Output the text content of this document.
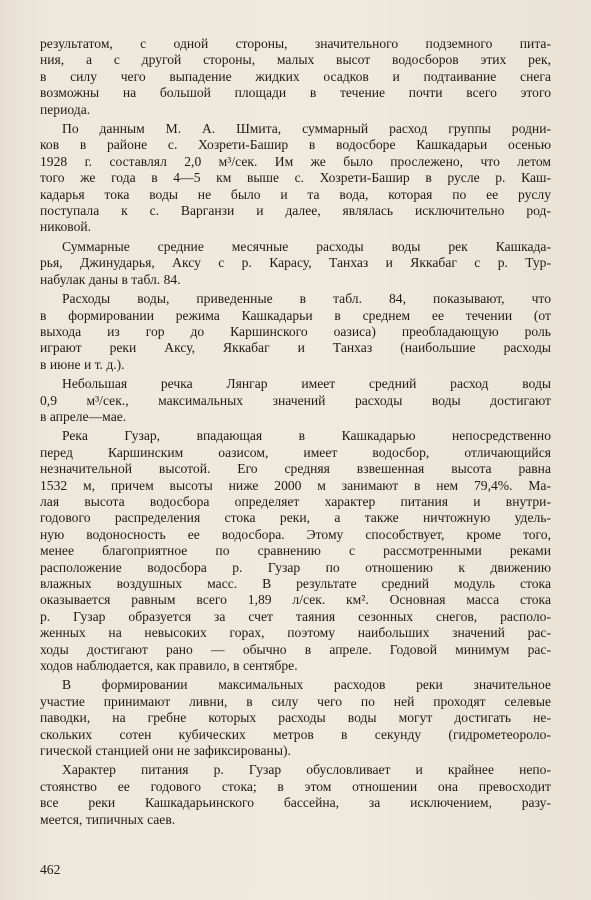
результатом, с одной стороны, значительного подземного пита-
ния, а с другой стороны, малых высот водосборов этих рек,
в силу чего выпадение жидких осадков и подтаивание снега
возможны на большой площади в течение почти всего этого
периода.

По данным М. А. Шмита, суммарный расход группы родни-
ков в районе с. Хозрети-Башир в водосборе Кашкадарьи осенью
1928 г. составлял 2,0 м³/сек. Им же было прослежено, что летом
того же года в 4—5 км выше с. Хозрети-Башир в русле р. Каш-
кадарья тока воды не было и та вода, которая по ее руслу
поступала к с. Варганзи и далее, являлась исключительно род-
никовой.

Суммарные средние месячные расходы воды рек Кашкада-
рья, Джинударья, Аксу с р. Карасу, Танхаз и Яккабаг с р. Тур-
набулак даны в табл. 84.

Расходы воды, приведенные в табл. 84, показывают, что
в формировании режима Кашкадарьи в среднем ее течении (от
выхода из гор до Каршинского оазиса) преобладающую роль
играют реки Аксу, Яккабаг и Танхаз (наибольшие расходы
в июне и т. д.).

Небольшая речка Лянгар имеет средний расход воды
0,9 м³/сек., максимальных значений расходы воды достигают
в апреле—мае.

Река Гузар, впадающая в Кашкадарью непосредственно
перед Каршинским оазисом, имеет водосбор, отличающийся
незначительной высотой. Его средняя взвешенная высота равна
1532 м, причем высоты ниже 2000 м занимают в нем 79,4%. Ма-
лая высота водосбора определяет характер питания и внутри-
годового распределения стока реки, а также ничтожную удель-
ную водоносность ее водосбора. Этому способствует, кроме того,
менее благоприятное по сравнению с рассмотренными реками
расположение водосбора р. Гузар по отношению к движению
влажных воздушных масс. В результате средний модуль стока
оказывается равным всего 1,89 л/сек. км². Основная масса стока
р. Гузар образуется за счет таяния сезонных снегов, располо-
женных на невысоких горах, поэтому наибольших значений рас-
ходы достигают рано — обычно в апреле. Годовой минимум рас-
ходов наблюдается, как правило, в сентябре.

В формировании максимальных расходов реки значительное
участие принимают ливни, в силу чего по ней проходят селевые
паводки, на гребне которых расходы воды могут достигать не-
скольких сотен кубических метров в секунду (гидрометеороло-
гической станцией они не зафиксированы).

Характер питания р. Гузар обусловливает и крайнее непо-
стоянство ее годового стока; в этом отношении она превосходит
все реки Кашкадарьинского бассейна, за исключением, разу-
меется, типичных саев.

462
